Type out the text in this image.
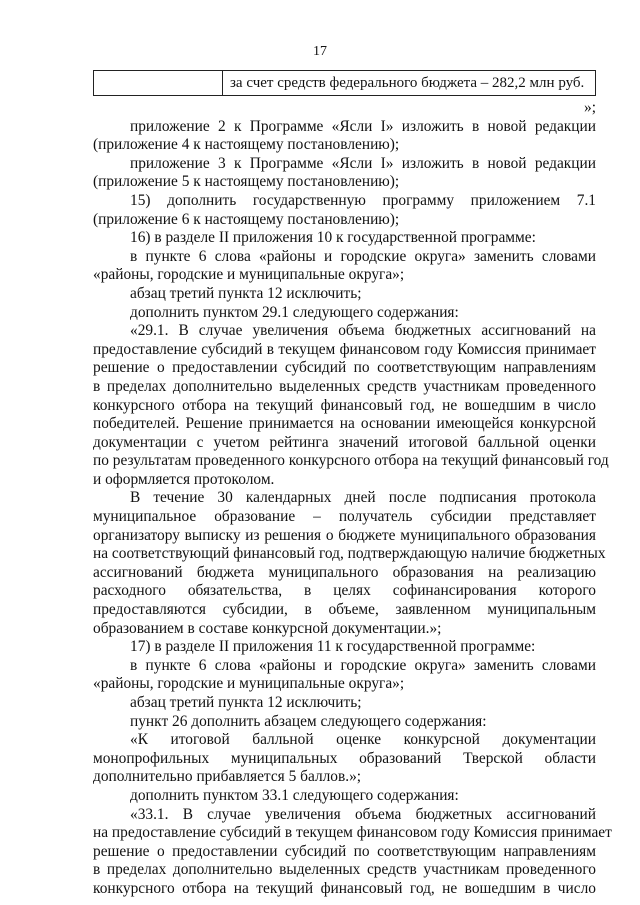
17
за счет средств федерального бюджета – 282,2 млн руб.
»;
приложение 2 к Программе «Ясли I» изложить в новой редакции
(приложение 4 к настоящему постановлению);
приложение 3 к Программе «Ясли I» изложить в новой редакции
(приложение 5 к настоящему постановлению);
15) дополнить государственную программу приложением 7.1
(приложение 6 к настоящему постановлению);
16) в разделе II приложения 10 к государственной программе:
в пункте 6 слова «районы и городские округа» заменить словами
«районы, городские и муниципальные округа»;
абзац третий пункта 12 исключить;
дополнить пунктом 29.1 следующего содержания:
«29.1. В случае увеличения объема бюджетных ассигнований на
предоставление субсидий в текущем финансовом году Комиссия принимает
решение о предоставлении субсидий по соответствующим направлениям
в пределах дополнительно выделенных средств участникам проведенного
конкурсного отбора на текущий финансовый год, не вошедшим в число
победителей. Решение принимается на основании имеющейся конкурсной
документации с учетом рейтинга значений итоговой балльной оценки
по результатам проведенного конкурсного отбора на текущий финансовый год
и оформляется протоколом.
В течение 30 календарных дней после подписания протокола
муниципальное образование – получатель субсидии представляет
организатору выписку из решения о бюджете муниципального образования
на соответствующий финансовый год, подтверждающую наличие бюджетных
ассигнований бюджета муниципального образования на реализацию
расходного обязательства, в целях софинансирования которого
предоставляются субсидии, в объеме, заявленном муниципальным
образованием в составе конкурсной документации.»;
17) в разделе II приложения 11 к государственной программе:
в пункте 6 слова «районы и городские округа» заменить словами
«районы, городские и муниципальные округа»;
абзац третий пункта 12 исключить;
пункт 26 дополнить абзацем следующего содержания:
«К итоговой балльной оценке конкурсной документации
монопрофильных муниципальных образований Тверской области
дополнительно прибавляется 5 баллов.»;
дополнить пунктом 33.1 следующего содержания:
«33.1. В случае увеличения объема бюджетных ассигнований
на предоставление субсидий в текущем финансовом году Комиссия принимает
решение о предоставлении субсидий по соответствующим направлениям
в пределах дополнительно выделенных средств участникам проведенного
конкурсного отбора на текущий финансовый год, не вошедшим в число
